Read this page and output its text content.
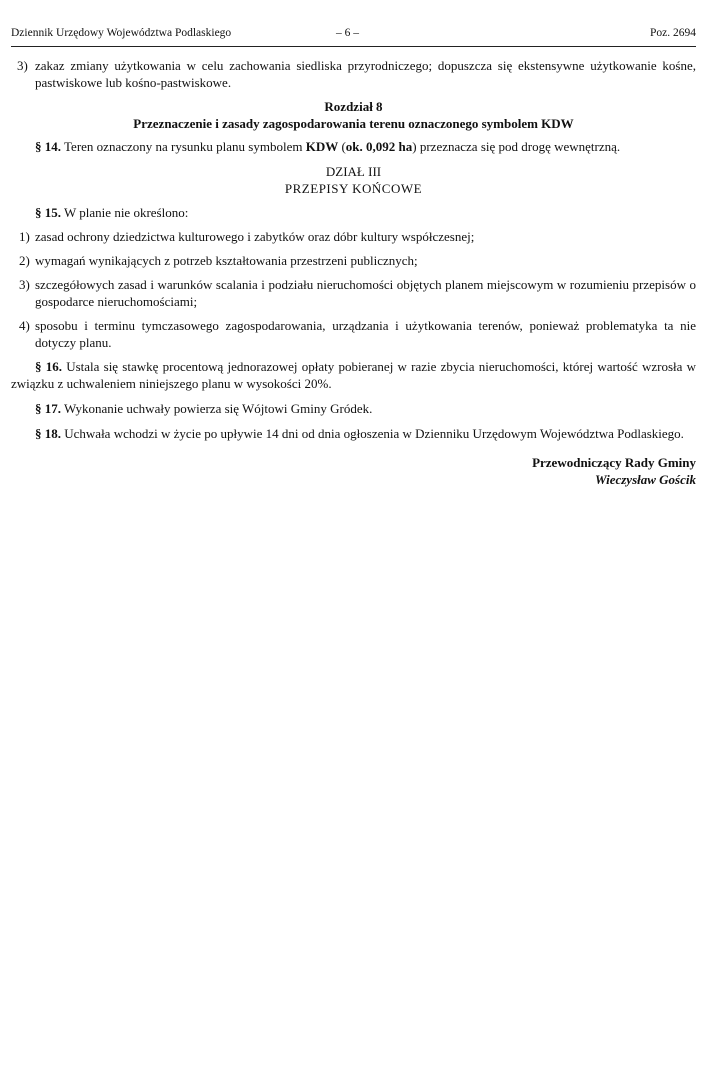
Dziennik Urzędowy Województwa Podlaskiego	– 6 –	Poz. 2694
3) zakaz zmiany użytkowania w celu zachowania siedliska przyrodniczego; dopuszcza się ekstensywne użytkowanie kośne, pastwiskowe lub kośno-pastwiskowe.
Rozdział 8
Przeznaczenie i zasady zagospodarowania terenu oznaczonego symbolem KDW
§ 14. Teren oznaczony na rysunku planu symbolem KDW (ok. 0,092 ha) przeznacza się pod drogę wewnętrzną.
DZIAŁ III
PRZEPISY KOŃCOWE
§ 15. W planie nie określono:
1) zasad ochrony dziedzictwa kulturowego i zabytków oraz dóbr kultury współczesnej;
2) wymagań wynikających z potrzeb kształtowania przestrzeni publicznych;
3) szczegółowych zasad i warunków scalania i podziału nieruchomości objętych planem miejscowym w rozumieniu przepisów o gospodarce nieruchomościami;
4) sposobu i terminu tymczasowego zagospodarowania, urządzania i użytkowania terenów, ponieważ problematyka ta nie dotyczy planu.
§ 16. Ustala się stawkę procentową jednorazowej opłaty pobieranej w razie zbycia nieruchomości, której wartość wzrosła w związku z uchwaleniem niniejszego planu w wysokości 20%.
§ 17. Wykonanie uchwały powierza się Wójtowi Gminy Gródek.
§ 18. Uchwała wchodzi w życie po upływie 14 dni od dnia ogłoszenia w Dzienniku Urzędowym Województwa Podlaskiego.
Przewodniczący Rady Gminy
Wieczysław Gościk
